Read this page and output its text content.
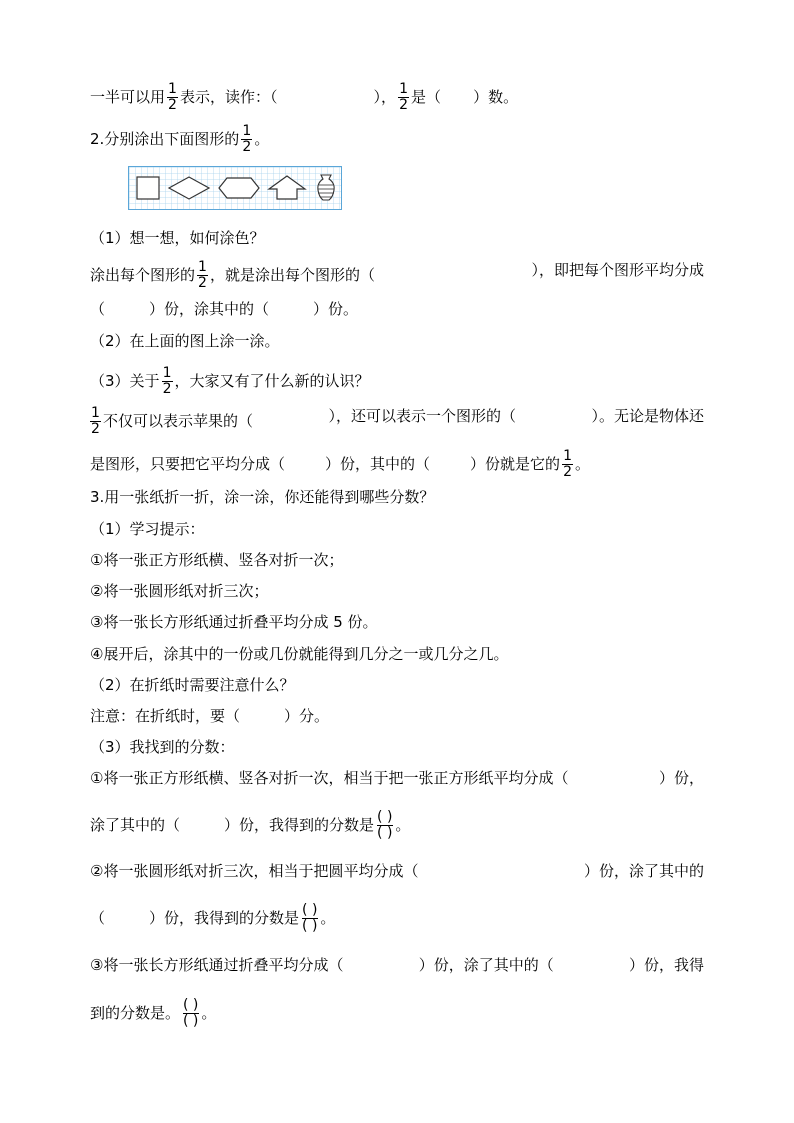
一半可以用 $\frac{1}{2}$ 表示，读作：（	）， $\frac{1}{2}$ 是（ ）数。
2.分别涂出下面图形的 $\frac{1}{2}$ 。
（1）想一想，如何涂色？
涂出每个图形的 $\frac{1}{2}$ ，就是涂出每个图形的（	），即把每个图形平均分成
（	）份，涂其中的（	）份。
（2）在上面的图上涂一涂。
（3）关于 $\frac{1}{2}$ ，大家又有了什么新的认识？
$\frac{1}{2}$ 不仅可以表示苹果的（	），还可以表示一个图形的（	）。无论是物体还
是图形，只要把它平均分成（	）份，其中的（	）份就是它的 $\frac{1}{2}$ 。
3.用一张纸折一折，涂一涂，你还能得到哪些分数？
（1）学习提示：
①将一张正方形纸横、竖各对折一次；
②将一张圆形纸对折三次；
③将一张长方形纸通过折叠平均分成 5 份。
④展开后，涂其中的一份或几份就能得到几分之一或几分之几。
（2）在折纸时需要注意什么？
注意：在折纸时，要（	）分。
（3）我找到的分数：
①将一张正方形纸横、竖各对折一次，相当于把一张正方形纸平均分成（	）份，
涂了其中的（	）份，我得到的分数是 $\frac{( )}{( )}$ 。
②将一张圆形纸对折三次，相当于把圆平均分成（	）份，涂了其中的
（	）份，我得到的分数是 $\frac{( )}{( )}$ 。
③将一张长方形纸通过折叠平均分成（	）份，涂了其中的（	）份，我得
到的分数是。 $\frac{( )}{( )}$ 。
